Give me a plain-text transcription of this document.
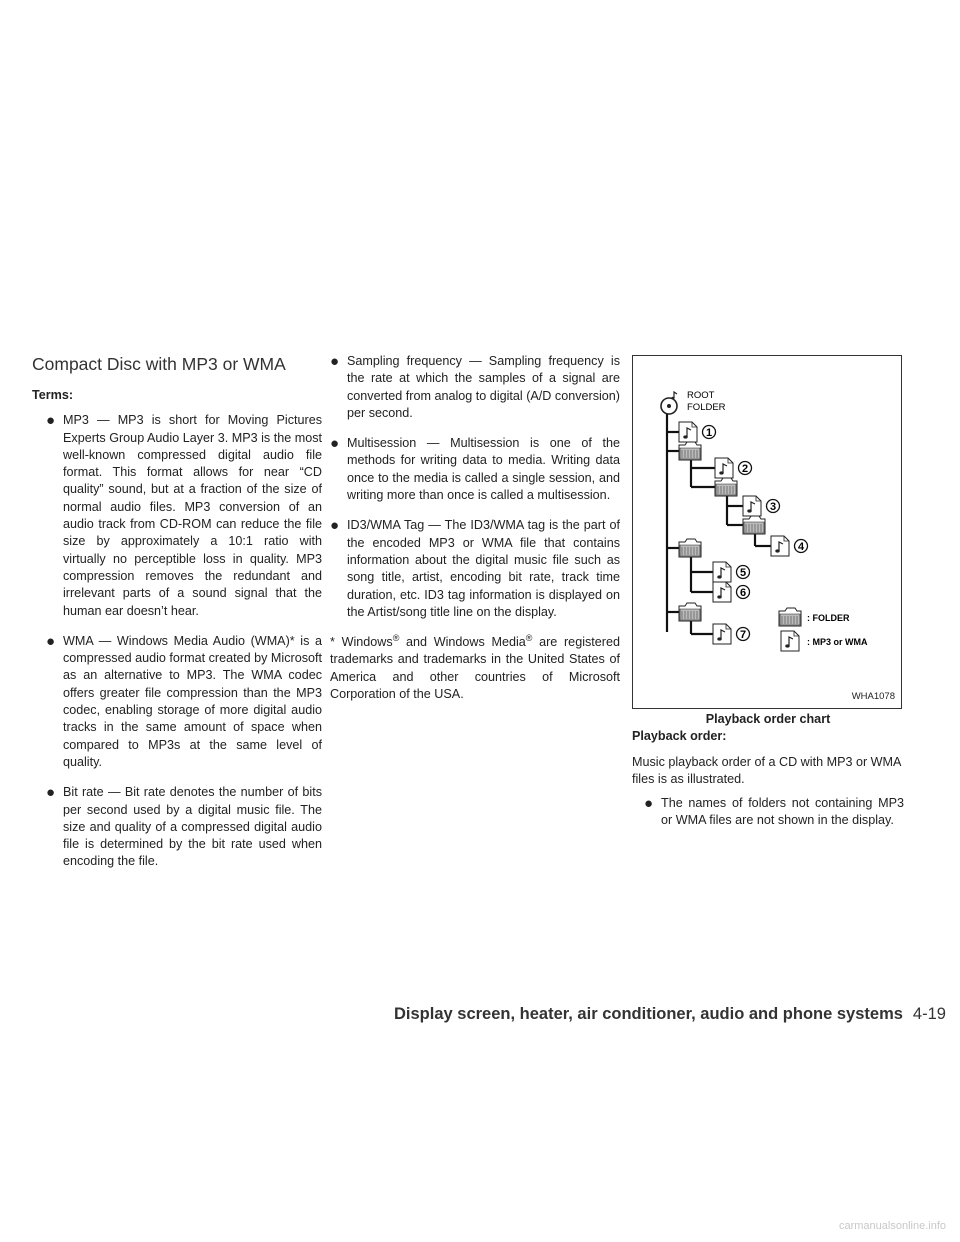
Compact Disc with MP3 or WMA

Terms:

● MP3 — MP3 is short for Moving Pictures Experts Group Audio Layer 3. MP3 is the most well-known compressed digital audio file format. This format allows for near “CD quality” sound, but at a fraction of the size of normal audio files. MP3 conversion of an audio track from CD-ROM can reduce the file size by approximately a 10:1 ratio with virtually no perceptible loss in quality. MP3 compression removes the redundant and irrelevant parts of a sound signal that the human ear doesn’t hear.
● WMA — Windows Media Audio (WMA)* is a compressed audio format created by Microsoft as an alternative to MP3. The WMA codec offers greater file compression than the MP3 codec, enabling storage of more digital audio tracks in the same amount of space when compared to MP3s at the same level of quality.
● Bit rate — Bit rate denotes the number of bits per second used by a digital music file. The size and quality of a compressed digital audio file is determined by the bit rate used when encoding the file.
● Sampling frequency — Sampling frequency is the rate at which the samples of a signal are converted from analog to digital (A/D conversion) per second.
● Multisession — Multisession is one of the methods for writing data to media. Writing data once to the media is called a single session, and writing more than once is called a multisession.
● ID3/WMA Tag — The ID3/WMA tag is the part of the encoded MP3 or WMA file that contains information about the digital music file such as song title, artist, encoding bit rate, track time duration, etc. ID3 tag information is displayed on the Artist/song title line on the display.

* Windows® and Windows Media® are registered trademarks and trademarks in the United States of America and other countries of Microsoft Corporation of the USA.

ROOT
FOLDER
1
2
3
4
5
6
7
: FOLDER
: MP3 or WMA
WHA1078

Playback order chart

Playback order:

Music playback order of a CD with MP3 or WMA files is as illustrated.

● The names of folders not containing MP3 or WMA files are not shown in the display.
Display screen, heater, air conditioner, audio and phone systems 4-19
carmanualsonline.info
